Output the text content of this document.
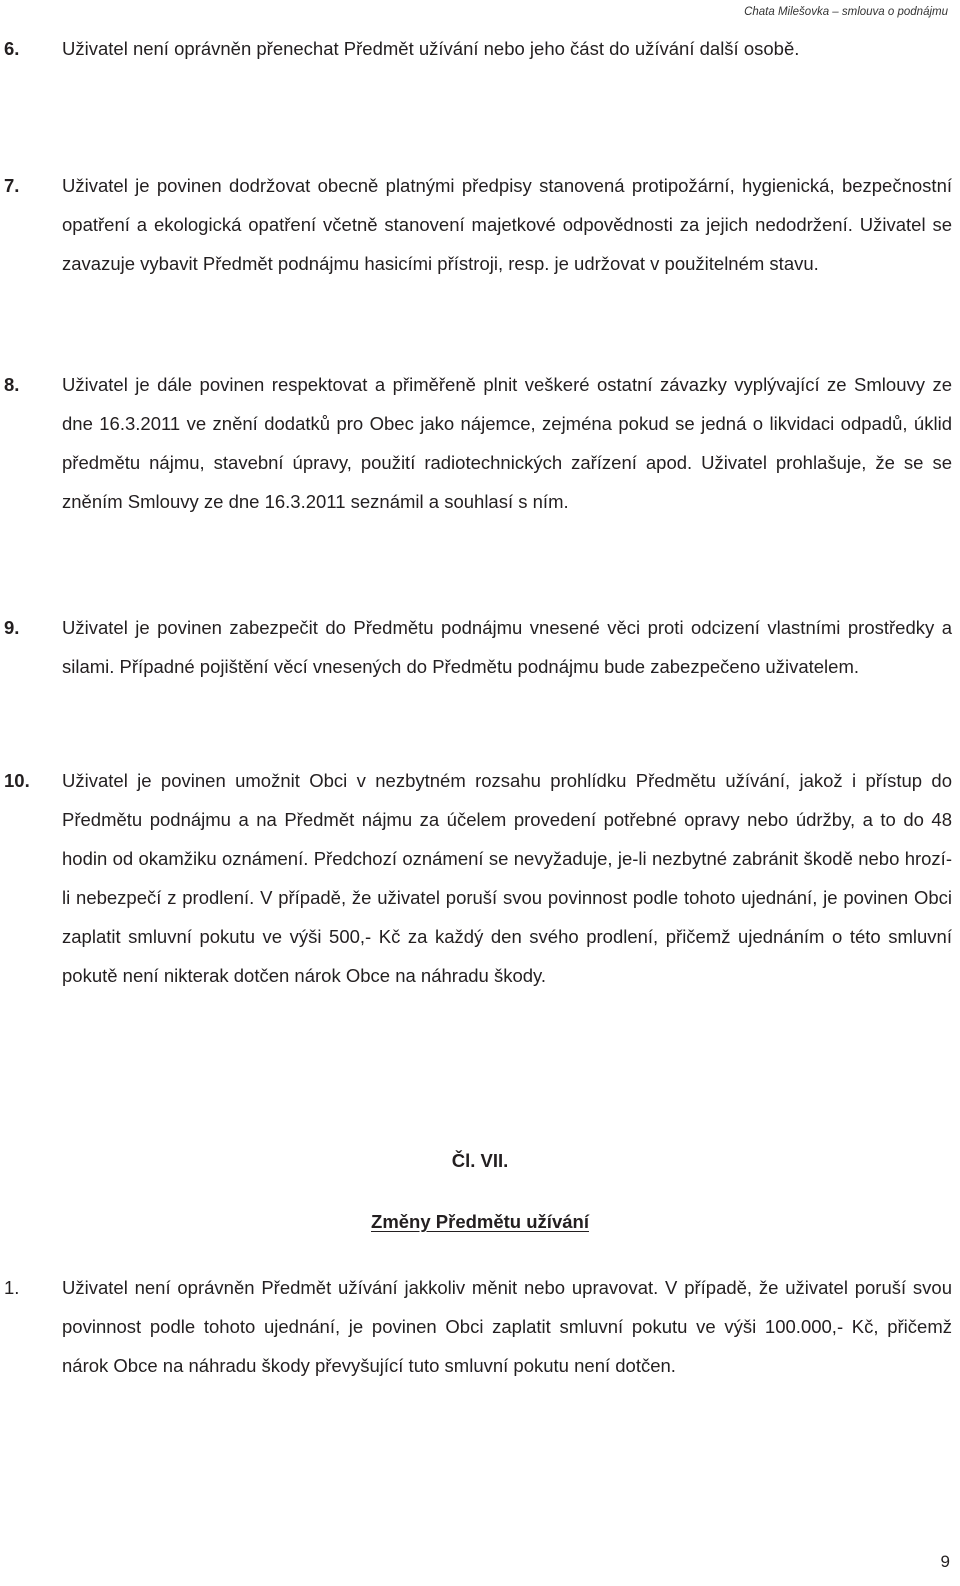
Chata Milešovka – smlouva o podnájmu
6. Uživatel není oprávněn přenechat Předmět užívání nebo jeho část do užívání další osobě.
7. Uživatel je povinen dodržovat obecně platnými předpisy stanovená protipožární, hygienická, bezpečnostní opatření a ekologická opatření včetně stanovení majetkové odpovědnosti za jejich nedodržení. Uživatel se zavazuje vybavit Předmět podnájmu hasicími přístroji, resp. je udržovat v použitelném stavu.
8. Uživatel je dále povinen respektovat a přiměřeně plnit veškeré ostatní závazky vyplývající ze Smlouvy ze dne 16.3.2011 ve znění dodatků pro Obec jako nájemce, zejména pokud se jedná o likvidaci odpadů, úklid předmětu nájmu, stavební úpravy, použití radiotechnických zařízení apod. Uživatel prohlašuje, že se se zněním Smlouvy ze dne 16.3.2011 seznámil a souhlasí s ním.
9. Uživatel je povinen zabezpečit do Předmětu podnájmu vnesené věci proti odcizení vlastními prostředky a silami. Případné pojištění věcí vnesených do Předmětu podnájmu bude zabezpečeno uživatelem.
10. Uživatel je povinen umožnit Obci v nezbytném rozsahu prohlídku Předmětu užívání, jakož i přístup do Předmětu podnájmu a na Předmět nájmu za účelem provedení potřebné opravy nebo údržby, a to do 48 hodin od okamžiku oznámení. Předchozí oznámení se nevyžaduje, je-li nezbytné zabránit škodě nebo hrozí-li nebezpečí z prodlení. V případě, že uživatel poruší svou povinnost podle tohoto ujednání, je povinen Obci zaplatit smluvní pokutu ve výši 500,- Kč za každý den svého prodlení, přičemž ujednáním o této smluvní pokutě není nikterak dotčen nárok Obce na náhradu škody.
Čl. VII.
Změny Předmětu užívání
1. Uživatel není oprávněn Předmět užívání jakkoliv měnit nebo upravovat. V případě, že uživatel poruší svou povinnost podle tohoto ujednání, je povinen Obci zaplatit smluvní pokutu ve výši 100.000,- Kč, přičemž nárok Obce na náhradu škody převyšující tuto smluvní pokutu není dotčen.
9
